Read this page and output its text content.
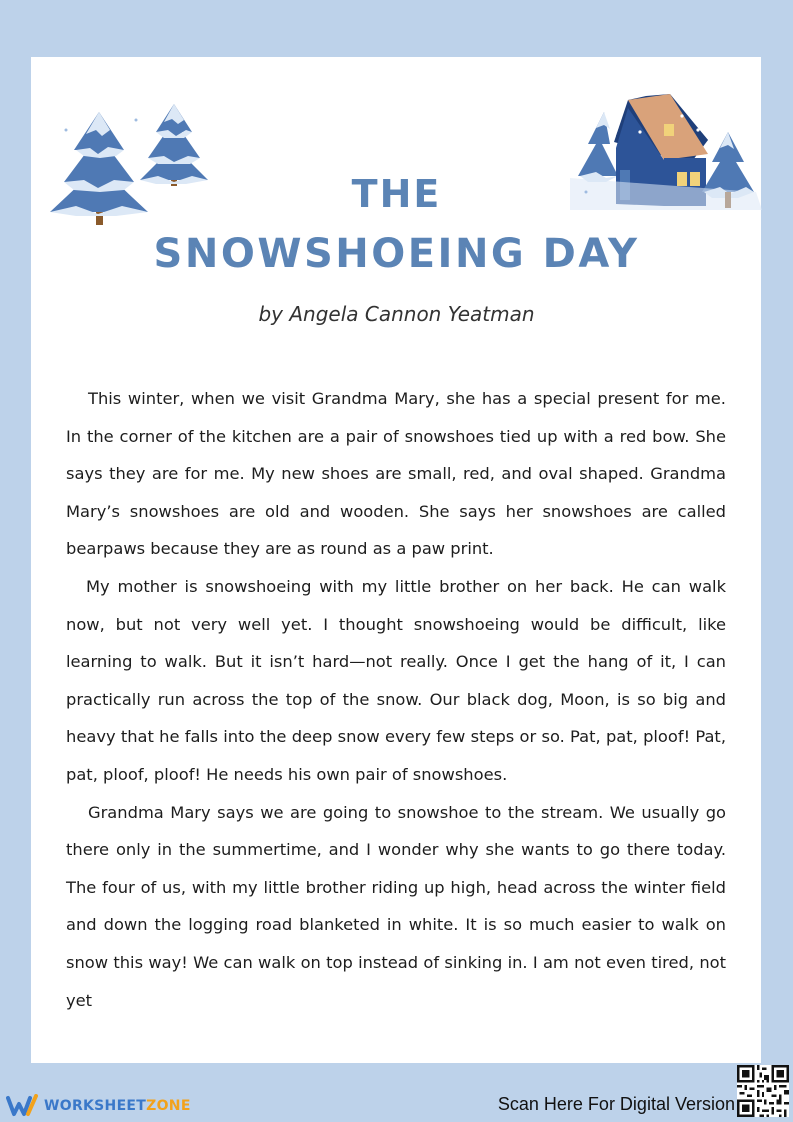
THE
SNOWSHOEING DAY
by Angela Cannon Yeatman

This winter, when we visit Grandma Mary, she has a special present for me. In the corner of the kitchen are a pair of snowshoes tied up with a red bow. She says they are for me. My new shoes are small, red, and oval shaped. Grandma Mary’s snowshoes are old and wooden. She says her snowshoes are called bearpaws because they are as round as a paw print.

My mother is snowshoeing with my little brother on her back. He can walk now, but not very well yet. I thought snowshoeing would be difficult, like learning to walk. But it isn’t hard—not really. Once I get the hang of it, I can practically run across the top of the snow. Our black dog, Moon, is so big and heavy that he falls into the deep snow every few steps or so. Pat, pat, ploof! Pat, pat, ploof, ploof! He needs his own pair of snowshoes.

Grandma Mary says we are going to snowshoe to the stream. We usually go there only in the summertime, and I wonder why she wants to go there today. The four of us, with my little brother riding up high, head across the winter field and down the logging road blanketed in white. It is so much easier to walk on snow this way! We can walk on top instead of sinking in. I am not even tired, not yet

WORKSHEETZONE	Scan Here For Digital Version
